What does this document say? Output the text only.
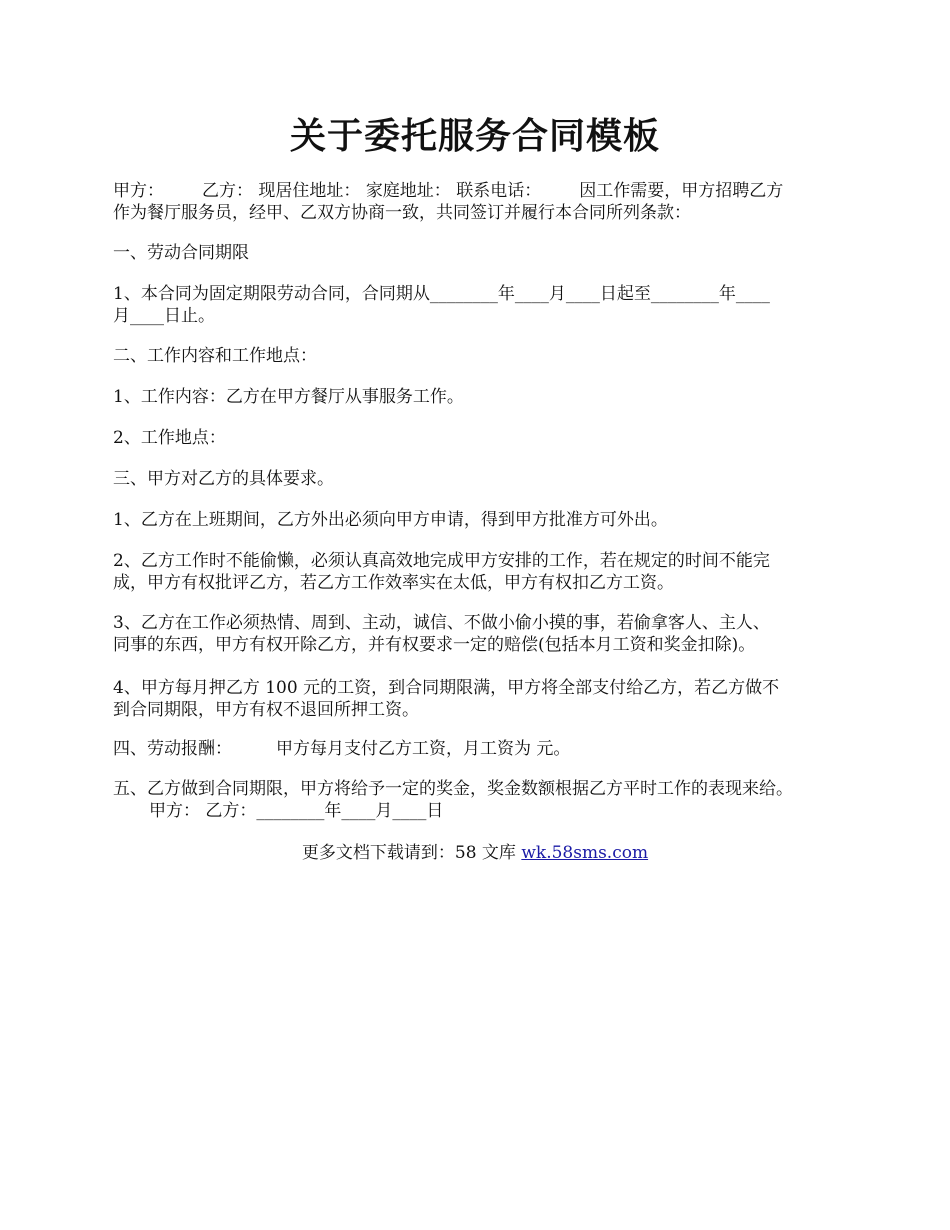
关于委托服务合同模板

甲方： 乙方： 现居住地址： 家庭地址： 联系电话： 因工作需要，甲方招聘乙方
作为餐厅服务员，经甲、乙双方协商一致，共同签订并履行本合同所列条款：

一、劳动合同期限

1、本合同为固定期限劳动合同，合同期从________年____月____日起至________年____
月____日止。

二、工作内容和工作地点：

1、工作内容：乙方在甲方餐厅从事服务工作。

2、工作地点：

三、甲方对乙方的具体要求。

1、乙方在上班期间，乙方外出必须向甲方申请，得到甲方批准方可外出。

2、乙方工作时不能偷懒，必须认真高效地完成甲方安排的工作，若在规定的时间不能完
成，甲方有权批评乙方，若乙方工作效率实在太低，甲方有权扣乙方工资。

3、乙方在工作必须热情、周到、主动，诚信、不做小偷小摸的事，若偷拿客人、主人、
同事的东西，甲方有权开除乙方，并有权要求一定的赔偿(包括本月工资和奖金扣除)。

4、甲方每月押乙方 100 元的工资，到合同期限满，甲方将全部支付给乙方，若乙方做不
到合同期限，甲方有权不退回所押工资。

四、劳动报酬：	甲方每月支付乙方工资，月工资为 元。

五、乙方做到合同期限，甲方将给予一定的奖金，奖金数额根据乙方平时工作的表现来给。
甲方： 乙方：________年____月____日

更多文档下载请到：58 文库 wk.58sms.com
